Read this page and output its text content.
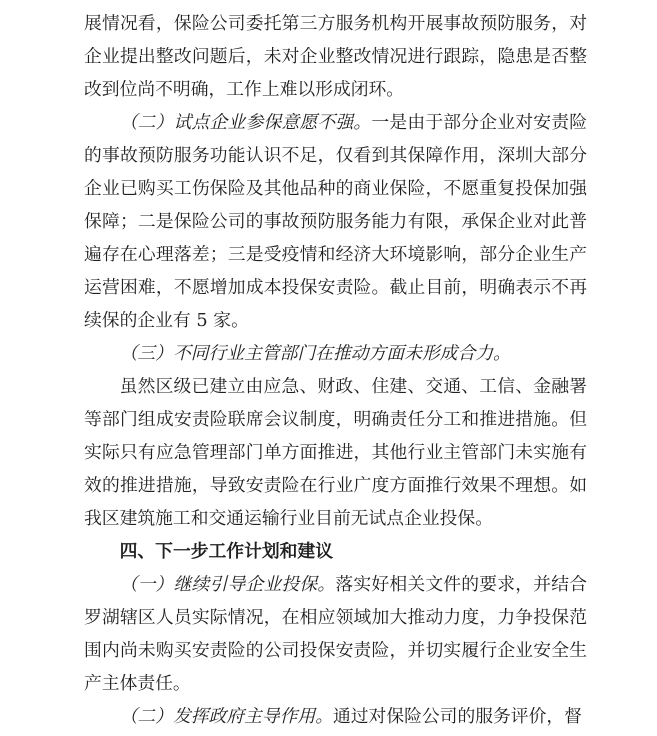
展情况看，保险公司委托第三方服务机构开展事故预防服务，对企业提出整改问题后，未对企业整改情况进行跟踪，隐患是否整改到位尚不明确，工作上难以形成闭环。

（二）试点企业参保意愿不强。一是由于部分企业对安责险的事故预防服务功能认识不足，仅看到其保障作用，深圳大部分企业已购买工伤保险及其他品种的商业保险，不愿重复投保加强保障；二是保险公司的事故预防服务能力有限，承保企业对此普遍存在心理落差；三是受疫情和经济大环境影响，部分企业生产运营困难，不愿增加成本投保安责险。截止目前，明确表示不再续保的企业有 5 家。

（三）不同行业主管部门在推动方面未形成合力。

虽然区级已建立由应急、财政、住建、交通、工信、金融署等部门组成安责险联席会议制度，明确责任分工和推进措施。但实际只有应急管理部门单方面推进，其他行业主管部门未实施有效的推进措施，导致安责险在行业广度方面推行效果不理想。如我区建筑施工和交通运输行业目前无试点企业投保。

四、下一步工作计划和建议

（一）继续引导企业投保。落实好相关文件的要求，并结合罗湖辖区人员实际情况，在相应领域加大推动力度，力争投保范围内尚未购买安责险的公司投保安责险，并切实履行企业安全生产主体责任。

（二）发挥政府主导作用。通过对保险公司的服务评价，督
